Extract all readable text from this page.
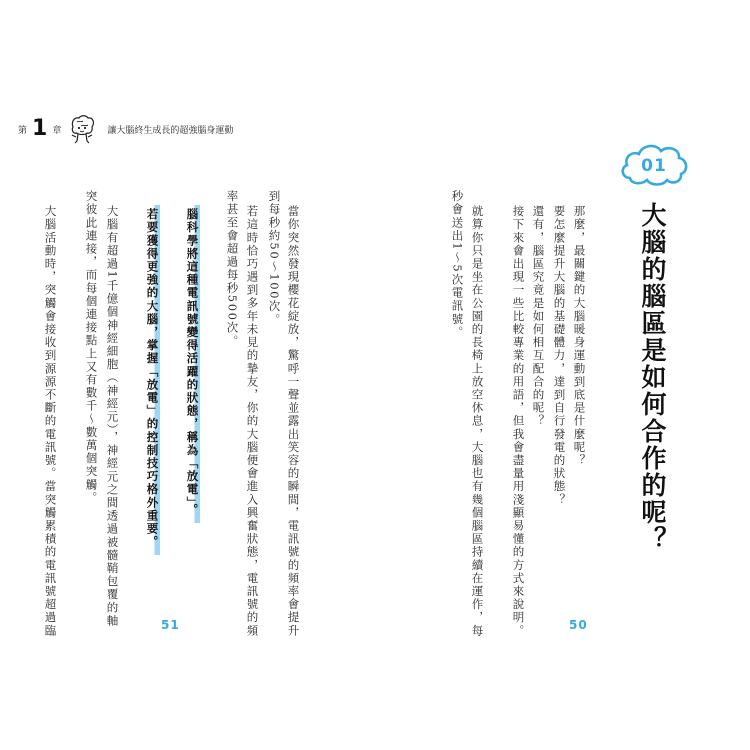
第 1 章	讓大腦終生成長的超強腦身運動
當你突然發現櫻花綻放，驚呼一聲並露出笑容的瞬間，電訊號的頻率會提升
到每秒約50～100次。
若這時恰巧遇到多年未見的摯友，你的大腦便會進入興奮狀態，電訊號的頻
率甚至會超過每秒500次。
腦科學將這種電訊號變得活躍的狀態，稱為「放電」。
若要獲得更強的大腦，掌握「放電」的控制技巧格外重要。
大腦有超過1千億個神經細胞（神經元），神經元之間透過被髓鞘包覆的軸
突彼此連接，而每個連接點上又有數千～數萬個突觸。
大腦活動時，突觸會接收到源源不斷的電訊號。當突觸累積的電訊號超過臨	51
那麼，最關鍵的大腦暖身運動到底是什麼呢？
要怎麼提升大腦的基礎體力，達到自行發電的狀態？
還有，腦區究竟是如何相互配合的呢？
接下來會出現一些比較專業的用語，但我會盡量用淺顯易懂的方式來說明。
就算你只是坐在公園的長椅上放空休息，大腦也有幾個腦區持續在運作，每
秒會送出1～5次電訊號。
50
01
大腦的腦區是如何合作的呢？
